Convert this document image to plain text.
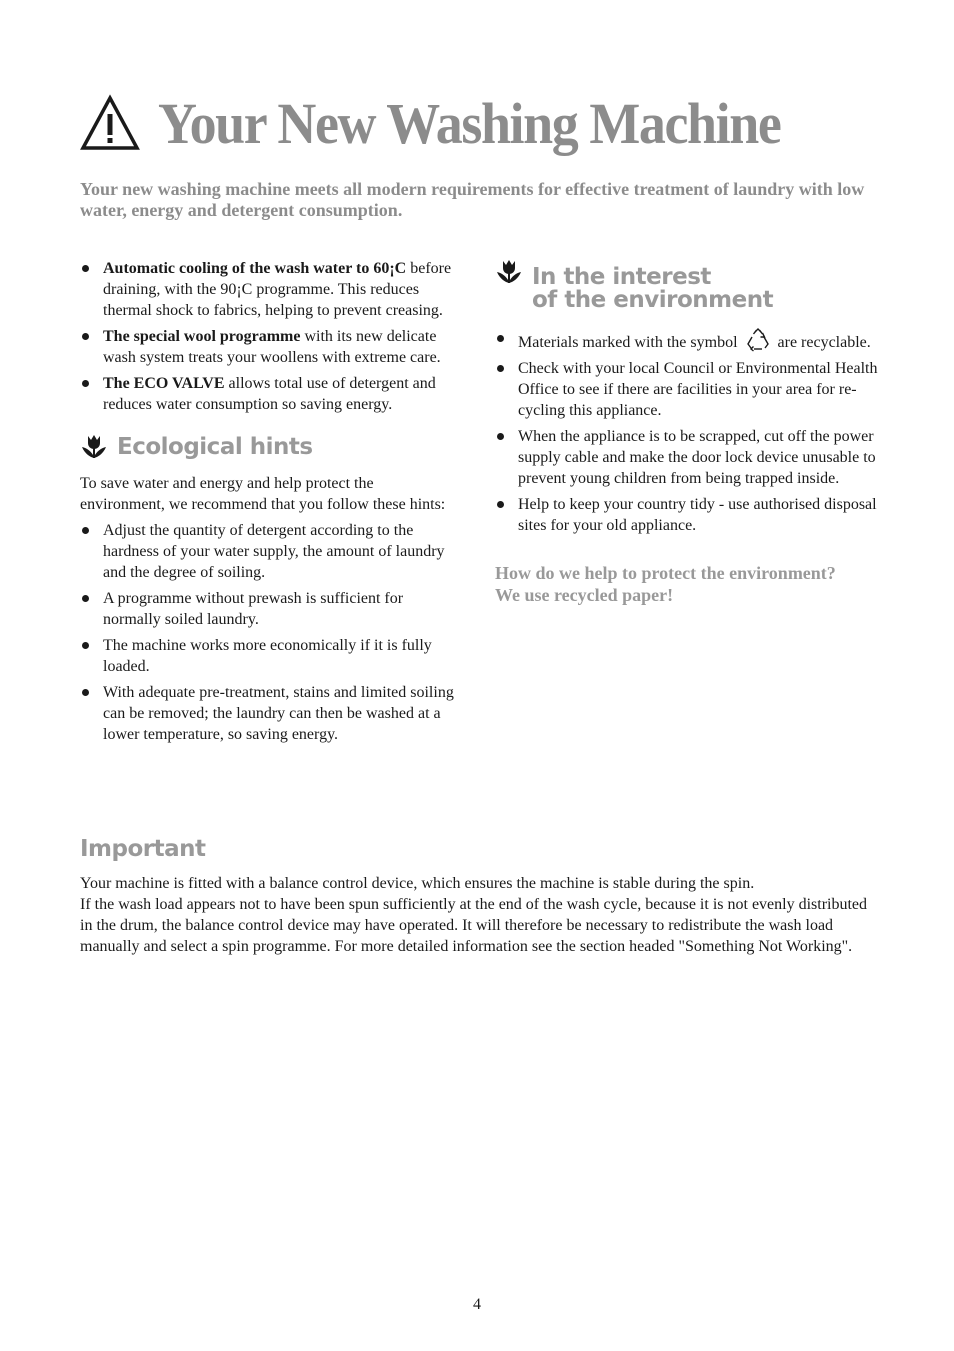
Your New Washing Machine
Your new washing machine meets all modern requirements for effective treatment of laundry with low water, energy and detergent consumption.
Automatic cooling of the wash water to 60¡C before draining, with the 90¡C programme. This reduces thermal shock to fabrics, helping to prevent creasing.
The special wool programme with its new delicate wash system treats your woollens with extreme care.
The ECO VALVE allows total use of detergent and reduces water consumption so saving energy.
Ecological hints

To save water and energy and help protect the environment, we recommend that you follow these hints:

Adjust the quantity of detergent according to the hardness of your water supply, the amount of laundry and the degree of soiling.
A programme without prewash is sufficient for normally soiled laundry.
The machine works more economically if it is fully loaded.
With adequate pre-treatment, stains and limited soiling can be removed; the laundry can then be washed at a lower temperature, so saving energy.
In the interest
of the environment
Materials marked with the symbol	are recyclable.
Check with your local Council or Environmental Health Office to see if there are facilities in your area for re-cycling this appliance.
When the appliance is to be scrapped, cut off the power supply cable and make the door lock device unusable to prevent young children from being trapped inside.
Help to keep your country tidy - use authorised disposal sites for your old appliance.
How do we help to protect the environment?
We use recycled paper!
Important

Your machine is fitted with a balance control device, which ensures the machine is stable during the spin.

If the wash load appears not to have been spun sufficiently at the end of the wash cycle, because it is not evenly distributed in the drum, the balance control device may have operated. It will therefore be necessary to redistribute the wash load manually and select a spin programme. For more detailed information see the section headed "Something Not Working".

4
